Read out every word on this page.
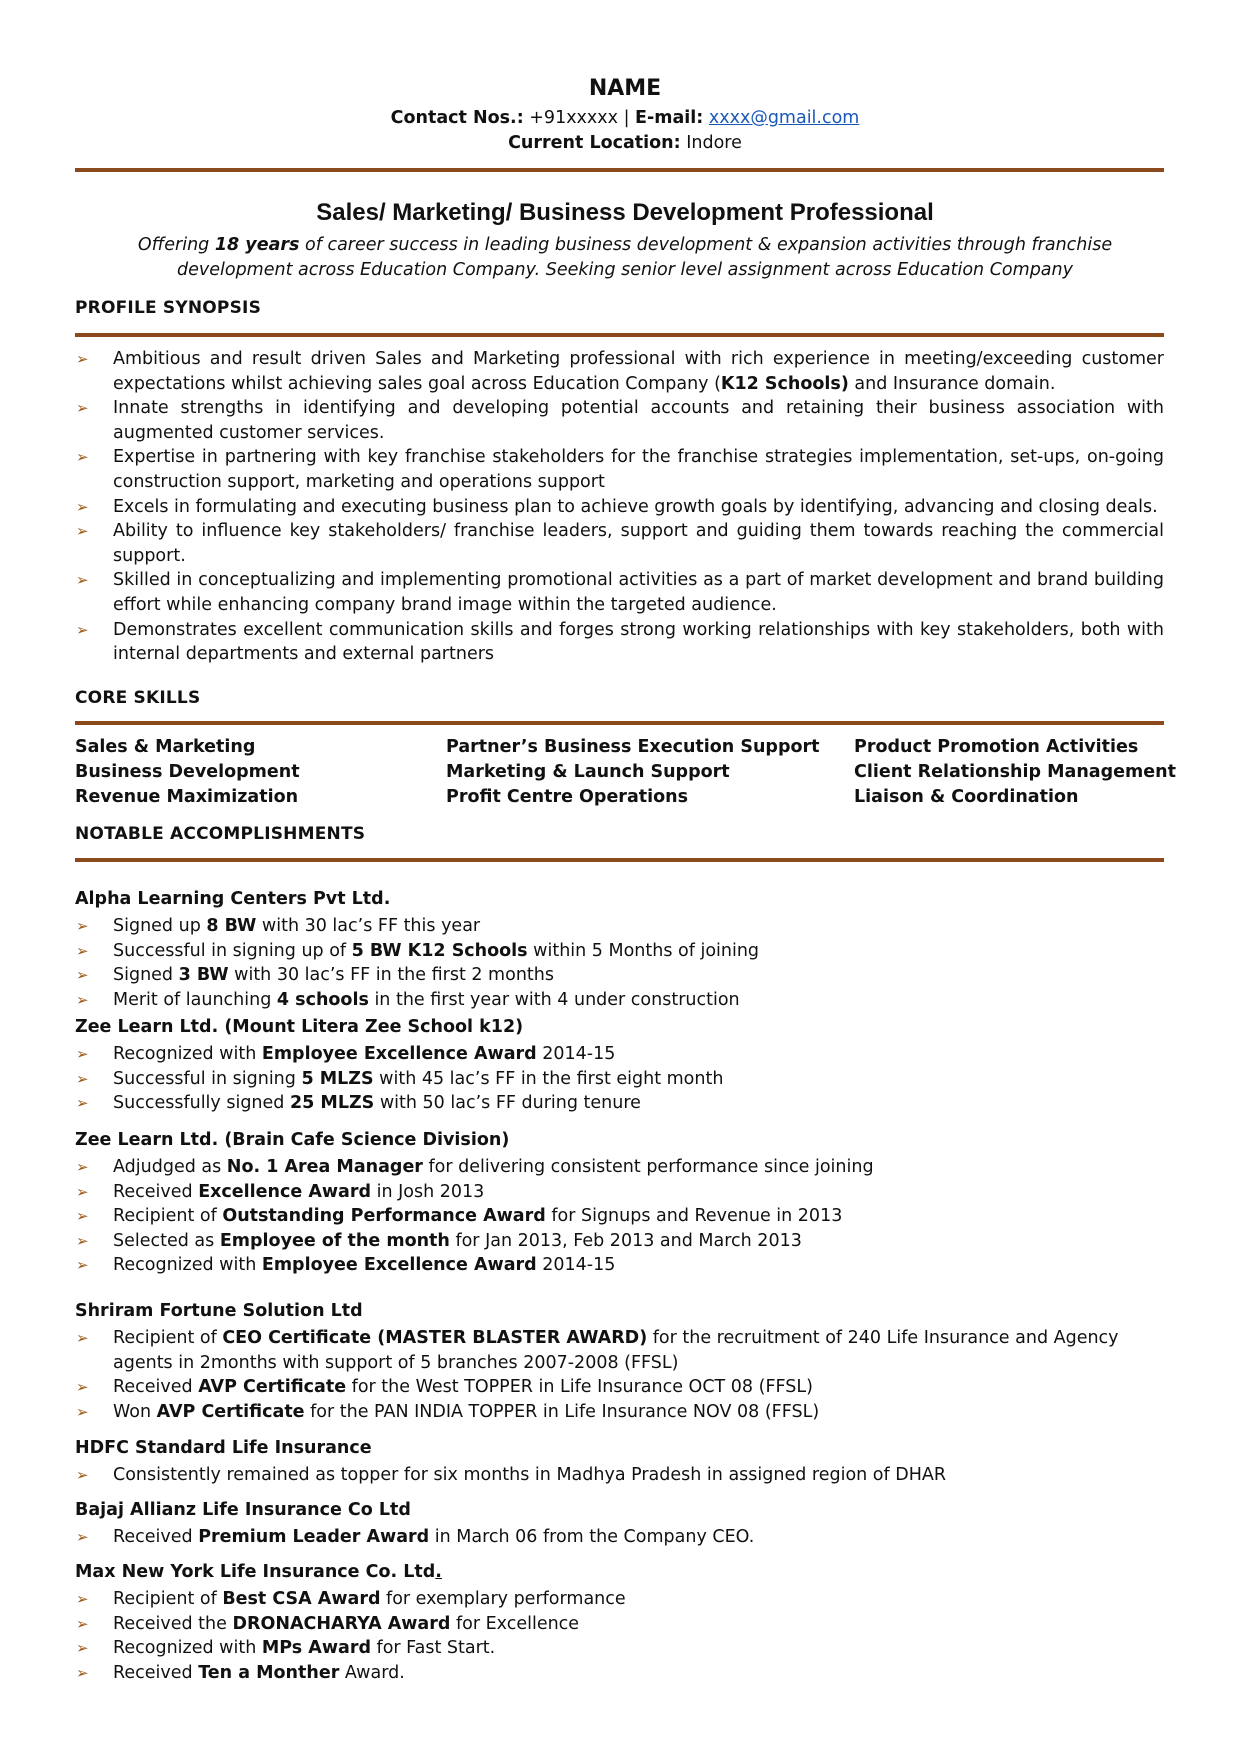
NAME
Contact Nos.: +91xxxxx | E-mail: xxxx@gmail.com
Current Location: Indore
Sales/ Marketing/ Business Development Professional
Offering 18 years of career success in leading business development & expansion activities through franchise development across Education Company. Seeking senior level assignment across Education Company
PROFILE SYNOPSIS
➢ Ambitious and result driven Sales and Marketing professional with rich experience in meeting/exceeding customer expectations whilst achieving sales goal across Education Company (K12 Schools) and Insurance domain.
➢ Innate strengths in identifying and developing potential accounts and retaining their business association with augmented customer services.
➢ Expertise in partnering with key franchise stakeholders for the franchise strategies implementation, set-ups, on-going construction support, marketing and operations support
➢ Excels in formulating and executing business plan to achieve growth goals by identifying, advancing and closing deals.
➢ Ability to influence key stakeholders/ franchise leaders, support and guiding them towards reaching the commercial support.
➢ Skilled in conceptualizing and implementing promotional activities as a part of market development and brand building effort while enhancing company brand image within the targeted audience.
➢ Demonstrates excellent communication skills and forges strong working relationships with key stakeholders, both with internal departments and external partners
CORE SKILLS
Sales & Marketing
Business Development
Revenue Maximization
Partner’s Business Execution Support
Marketing & Launch Support
Profit Centre Operations
Product Promotion Activities
Client Relationship Management
Liaison & Coordination
NOTABLE ACCOMPLISHMENTS
Alpha Learning Centers Pvt Ltd.
➢ Signed up 8 BW with 30 lac’s FF this year
➢ Successful in signing up of 5 BW K12 Schools within 5 Months of joining
➢ Signed 3 BW with 30 lac’s FF in the first 2 months
➢ Merit of launching 4 schools in the first year with 4 under construction
Zee Learn Ltd. (Mount Litera Zee School k12)
➢ Recognized with Employee Excellence Award 2014-15
➢ Successful in signing 5 MLZS with 45 lac’s FF in the first eight month
➢ Successfully signed 25 MLZS with 50 lac’s FF during tenure
Zee Learn Ltd. (Brain Cafe Science Division)
➢ Adjudged as No. 1 Area Manager for delivering consistent performance since joining
➢ Received Excellence Award in Josh 2013
➢ Recipient of Outstanding Performance Award for Signups and Revenue in 2013
➢ Selected as Employee of the month for Jan 2013, Feb 2013 and March 2013
➢ Recognized with Employee Excellence Award 2014-15
Shriram Fortune Solution Ltd
➢ Recipient of CEO Certificate (MASTER BLASTER AWARD) for the recruitment of 240 Life Insurance and Agency agents in 2months with support of 5 branches 2007-2008 (FFSL)
➢ Received AVP Certificate for the West TOPPER in Life Insurance OCT 08 (FFSL)
➢ Won AVP Certificate for the PAN INDIA TOPPER in Life Insurance NOV 08 (FFSL)
HDFC Standard Life Insurance
➢ Consistently remained as topper for six months in Madhya Pradesh in assigned region of DHAR
Bajaj Allianz Life Insurance Co Ltd
➢ Received Premium Leader Award in March 06 from the Company CEO.
Max New York Life Insurance Co. Ltd.
➢ Recipient of Best CSA Award for exemplary performance
➢ Received the DRONACHARYA Award for Excellence
➢ Recognized with MPs Award for Fast Start.
➢ Received Ten a Monther Award.
